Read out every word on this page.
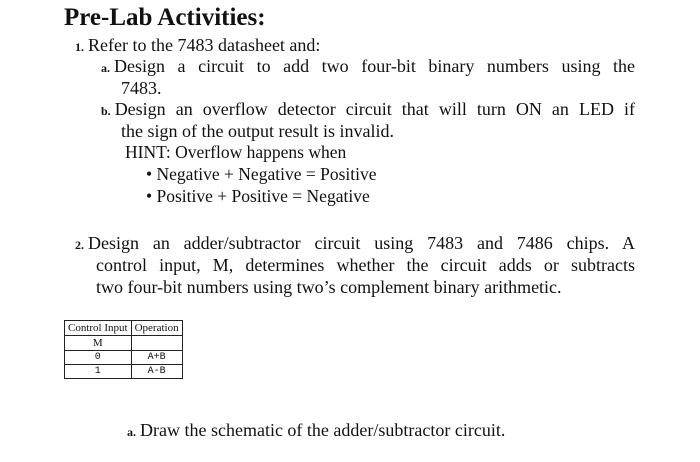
Pre-Lab Activities:
1. Refer to the 7483 datasheet and:
a. Design a circuit to add two four-bit binary numbers using the
7483.
b. Design an overflow detector circuit that will turn ON an LED if
the sign of the output result is invalid.
HINT: Overflow happens when
• Negative + Negative = Positive
• Positive + Positive = Negative
2. Design an adder/subtractor circuit using 7483 and 7486 chips. A
control input, M, determines whether the circuit adds or subtracts
two four-bit numbers using two’s complement binary arithmetic.
Control Input	Operation
M	
0	A+B
1	A-B
a. Draw the schematic of the adder/subtractor circuit.
